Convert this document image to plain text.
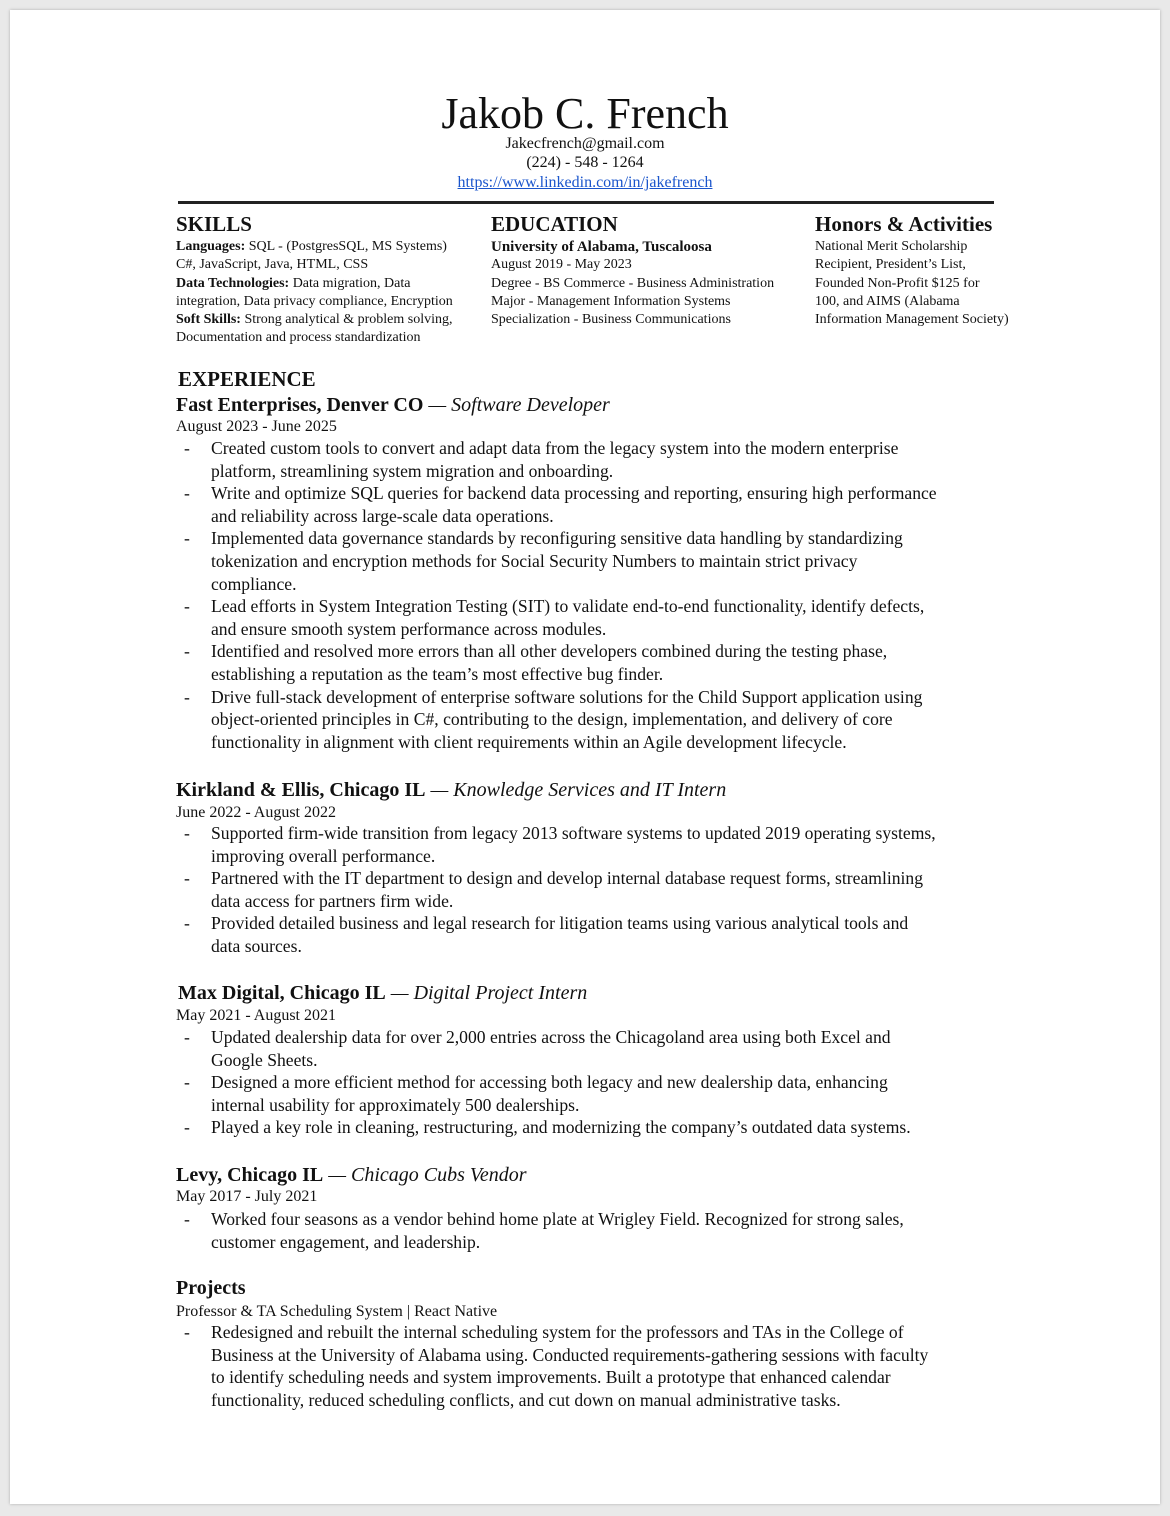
Jakob C. French
Jakecfrench@gmail.com
(224) - 548 - 1264
https://www.linkedin.com/in/jakefrench
SKILLS
Languages: SQL - (PostgresSQL, MS Systems)
C#, JavaScript, Java, HTML, CSS
Data Technologies: Data migration, Data
integration, Data privacy compliance, Encryption
Soft Skills: Strong analytical & problem solving,
Documentation and process standardization
EDUCATION
University of Alabama, Tuscaloosa
August 2019 - May 2023
Degree - BS Commerce - Business Administration
Major - Management Information Systems
Specialization - Business Communications
Honors & Activities
National Merit Scholarship
Recipient, President’s List,
Founded Non-Profit $125 for
100, and AIMS (Alabama
Information Management Society)
EXPERIENCE
Fast Enterprises, Denver CO — Software Developer
August 2023 - June 2025
- Created custom tools to convert and adapt data from the legacy system into the modern enterprise
platform, streamlining system migration and onboarding.
- Write and optimize SQL queries for backend data processing and reporting, ensuring high performance
and reliability across large-scale data operations.
- Implemented data governance standards by reconfiguring sensitive data handling by standardizing
tokenization and encryption methods for Social Security Numbers to maintain strict privacy
compliance.
- Lead efforts in System Integration Testing (SIT) to validate end-to-end functionality, identify defects,
and ensure smooth system performance across modules.
- Identified and resolved more errors than all other developers combined during the testing phase,
establishing a reputation as the team’s most effective bug finder.
- Drive full-stack development of enterprise software solutions for the Child Support application using
object-oriented principles in C#, contributing to the design, implementation, and delivery of core
functionality in alignment with client requirements within an Agile development lifecycle.
Kirkland & Ellis, Chicago IL — Knowledge Services and IT Intern
June 2022 - August 2022
- Supported firm-wide transition from legacy 2013 software systems to updated 2019 operating systems,
improving overall performance.
- Partnered with the IT department to design and develop internal database request forms, streamlining
data access for partners firm wide.
- Provided detailed business and legal research for litigation teams using various analytical tools and
data sources.
Max Digital, Chicago IL — Digital Project Intern
May 2021 - August 2021
- Updated dealership data for over 2,000 entries across the Chicagoland area using both Excel and
Google Sheets.
- Designed a more efficient method for accessing both legacy and new dealership data, enhancing
internal usability for approximately 500 dealerships.
- Played a key role in cleaning, restructuring, and modernizing the company’s outdated data systems.
Levy, Chicago IL — Chicago Cubs Vendor
May 2017 - July 2021
- Worked four seasons as a vendor behind home plate at Wrigley Field. Recognized for strong sales,
customer engagement, and leadership.
Projects
Professor & TA Scheduling System | React Native
- Redesigned and rebuilt the internal scheduling system for the professors and TAs in the College of
Business at the University of Alabama using. Conducted requirements-gathering sessions with faculty
to identify scheduling needs and system improvements. Built a prototype that enhanced calendar
functionality, reduced scheduling conflicts, and cut down on manual administrative tasks.
